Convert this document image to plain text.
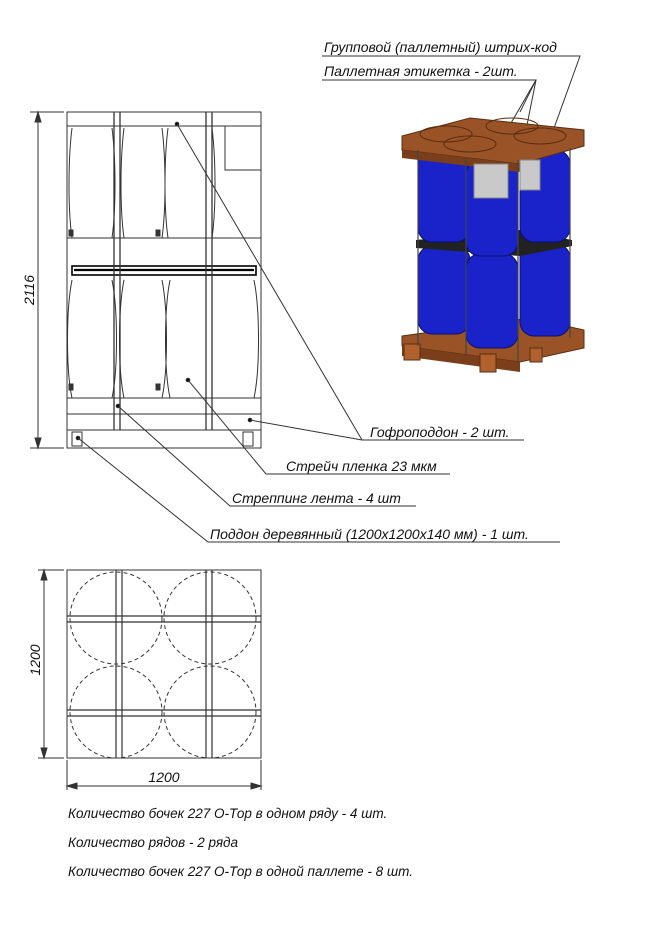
2116
Групповой (паллетный) штрих-код
Паллетная этикетка - 2шт.
Гофроподдон - 2 шт.
Стрейч пленка 23 мкм
Стреппинг лента - 4 шт
Поддон деревянный (1200х1200х140 мм) - 1 шт.
1200
1200
Количество бочек 227 О-Тор в одном ряду - 4 шт.
Количество рядов - 2 ряда
Количество бочек 227 О-Тор в одной паллете - 8 шт.
